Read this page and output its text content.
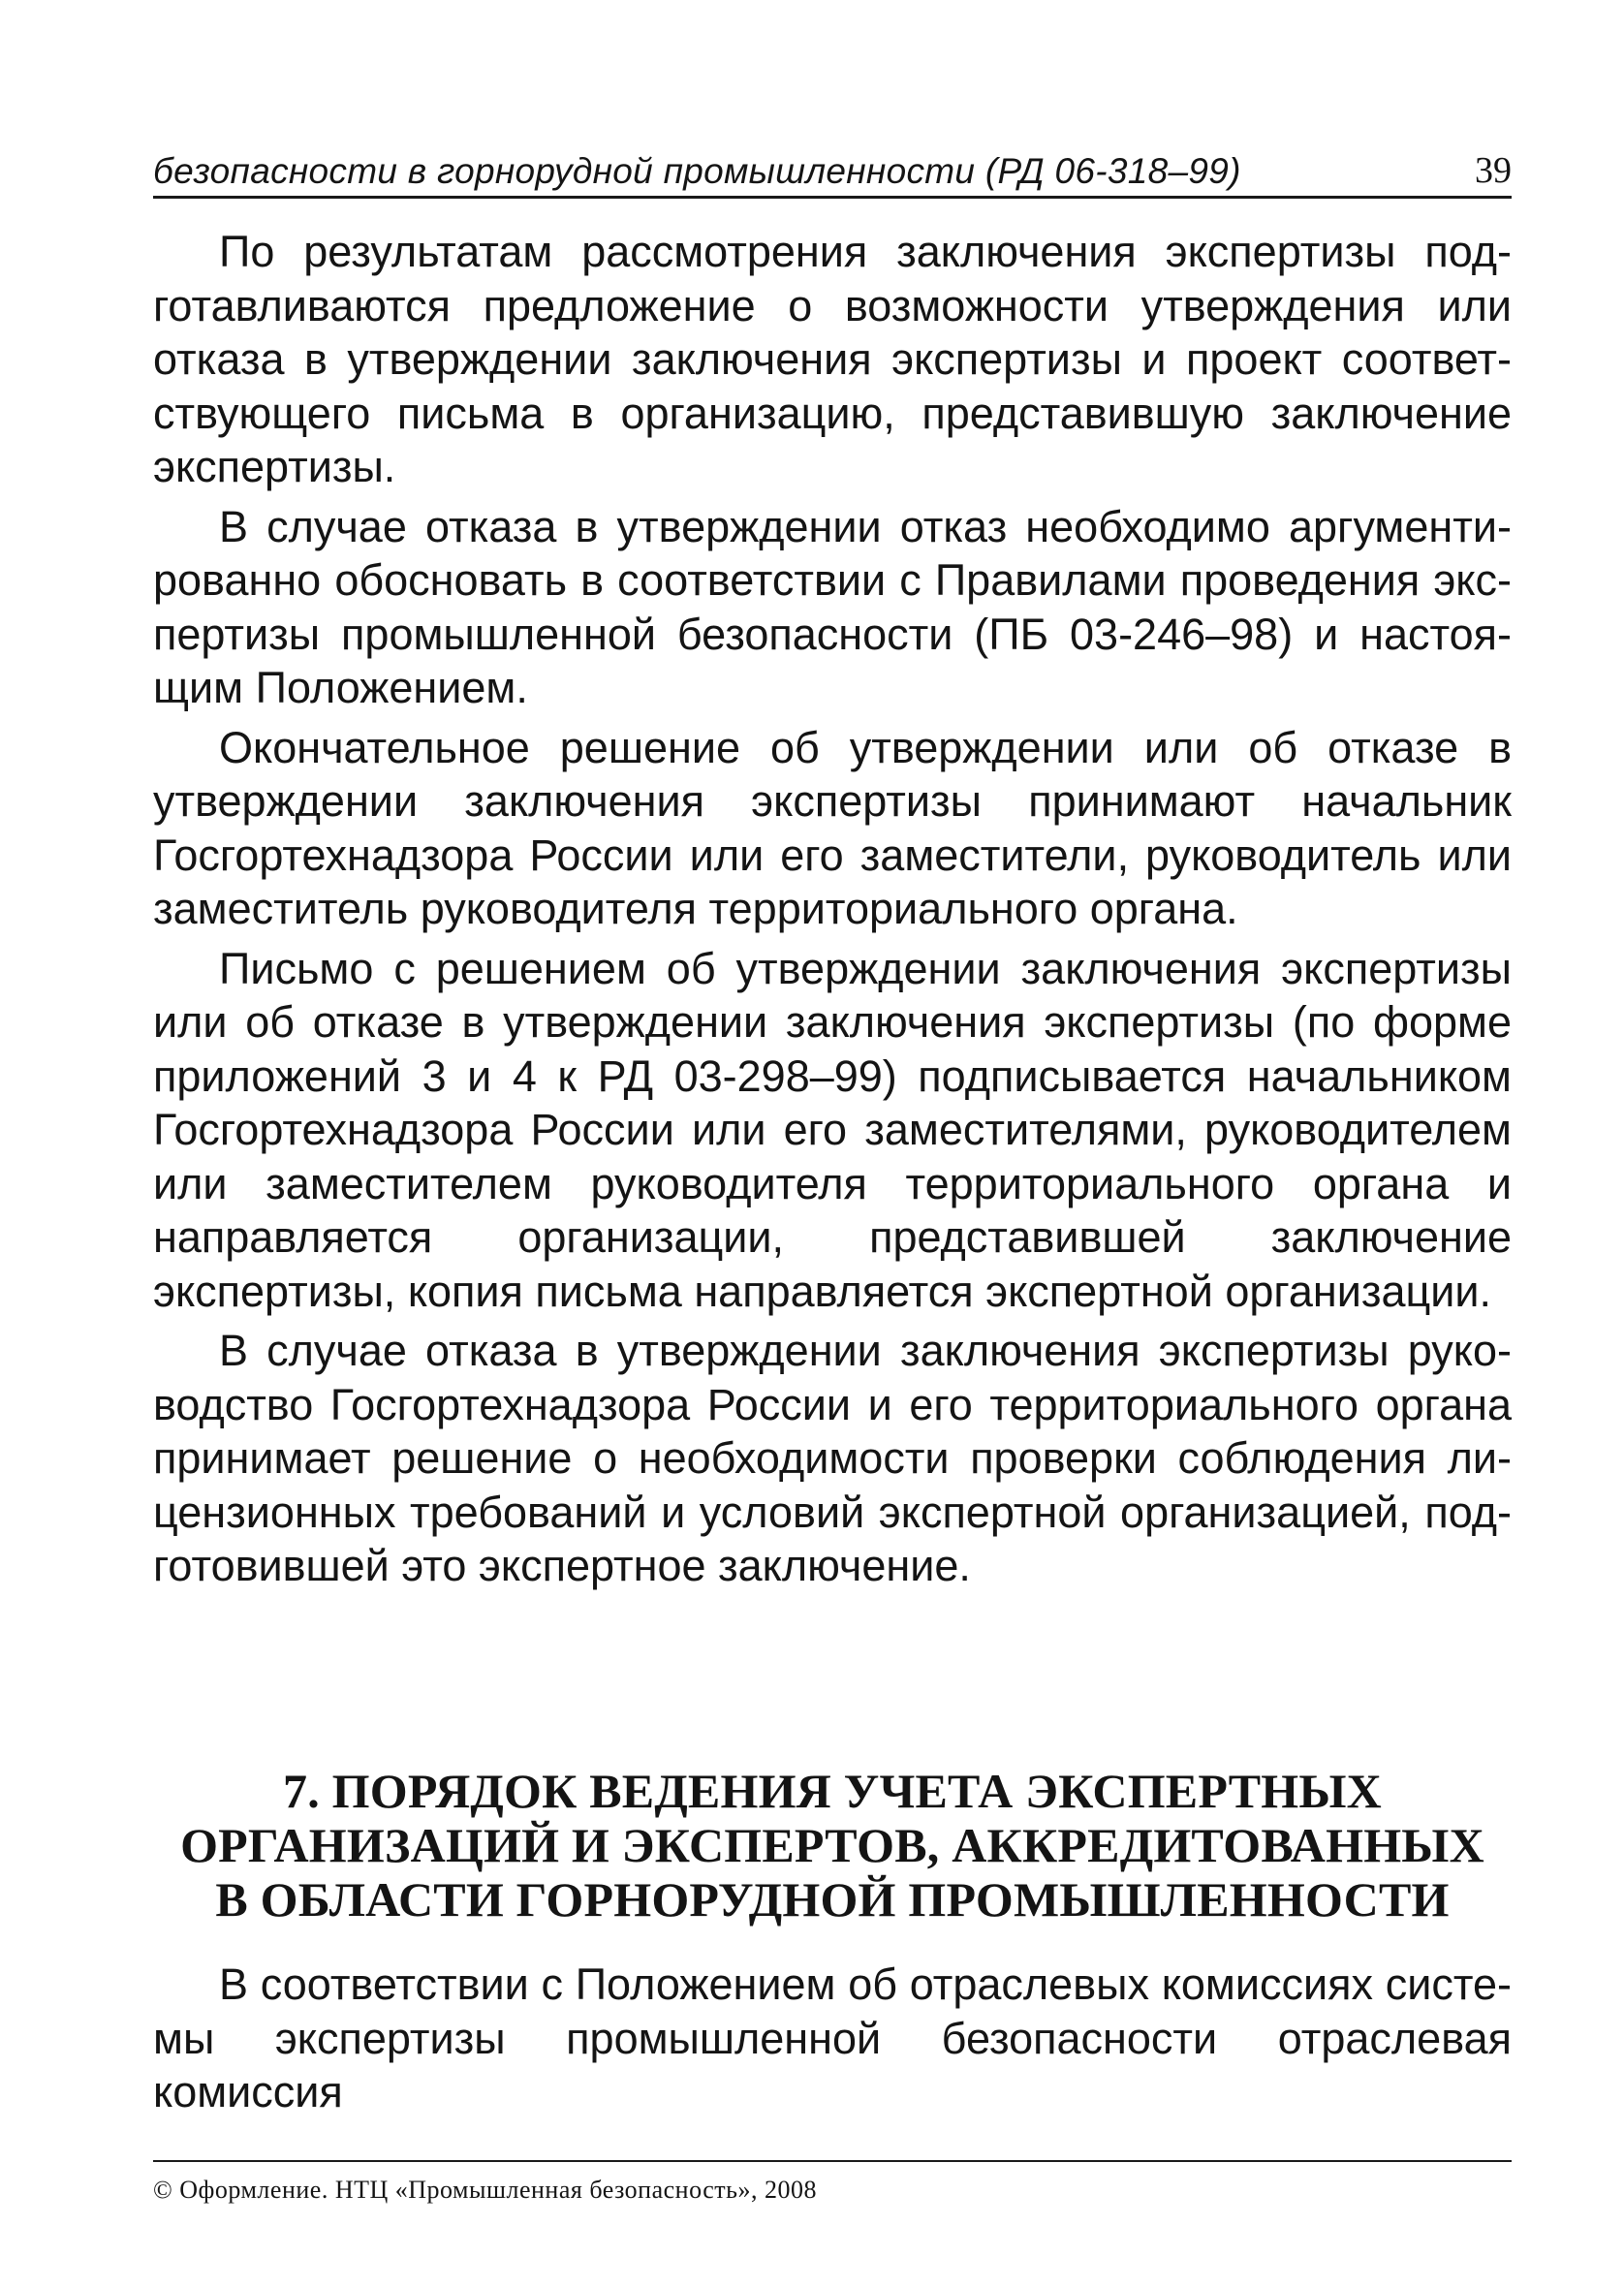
безопасности в горнорудной промышленности (РД 06-318–99)	39

По результатам рассмотрения заключения экспертизы подготавливаются предложение о возможности утверждения или отказа в утверждении заключения экспертизы и проект соответствующего письма в организацию, представившую заключение экспертизы.

В случае отказа в утверждении отказ необходимо аргументированно обосновать в соответствии с Правилами проведения экспертизы промышленной безопасности (ПБ 03-246–98) и настоящим Положением.

Окончательное решение об утверждении или об отказе в утверждении заключения экспертизы принимают начальник Госгортехнадзора России или его заместители, руководитель или заместитель руководителя территориального органа.

Письмо с решением об утверждении заключения экспертизы или об отказе в утверждении заключения экспертизы (по форме приложений 3 и 4 к РД 03-298–99) подписывается начальником Госгортехнадзора России или его заместителями, руководителем или заместителем руководителя территориального органа и направляется организации, представившей заключение экспертизы, копия письма направляется экспертной организации.

В случае отказа в утверждении заключения экспертизы руководство Госгортехнадзора России и его территориального органа принимает решение о необходимости проверки соблюдения лицензионных требований и условий экспертной организацией, подготовившей это экспертное заключение.

7. ПОРЯДОК ВЕДЕНИЯ УЧЕТА ЭКСПЕРТНЫХ
ОРГАНИЗАЦИЙ И ЭКСПЕРТОВ, АККРЕДИТОВАННЫХ
В ОБЛАСТИ ГОРНОРУДНОЙ ПРОМЫШЛЕННОСТИ

В соответствии с Положением об отраслевых комиссиях системы экспертизы промышленной безопасности отраслевая комиссия

© Оформление. НТЦ «Промышленная безопасность», 2008
